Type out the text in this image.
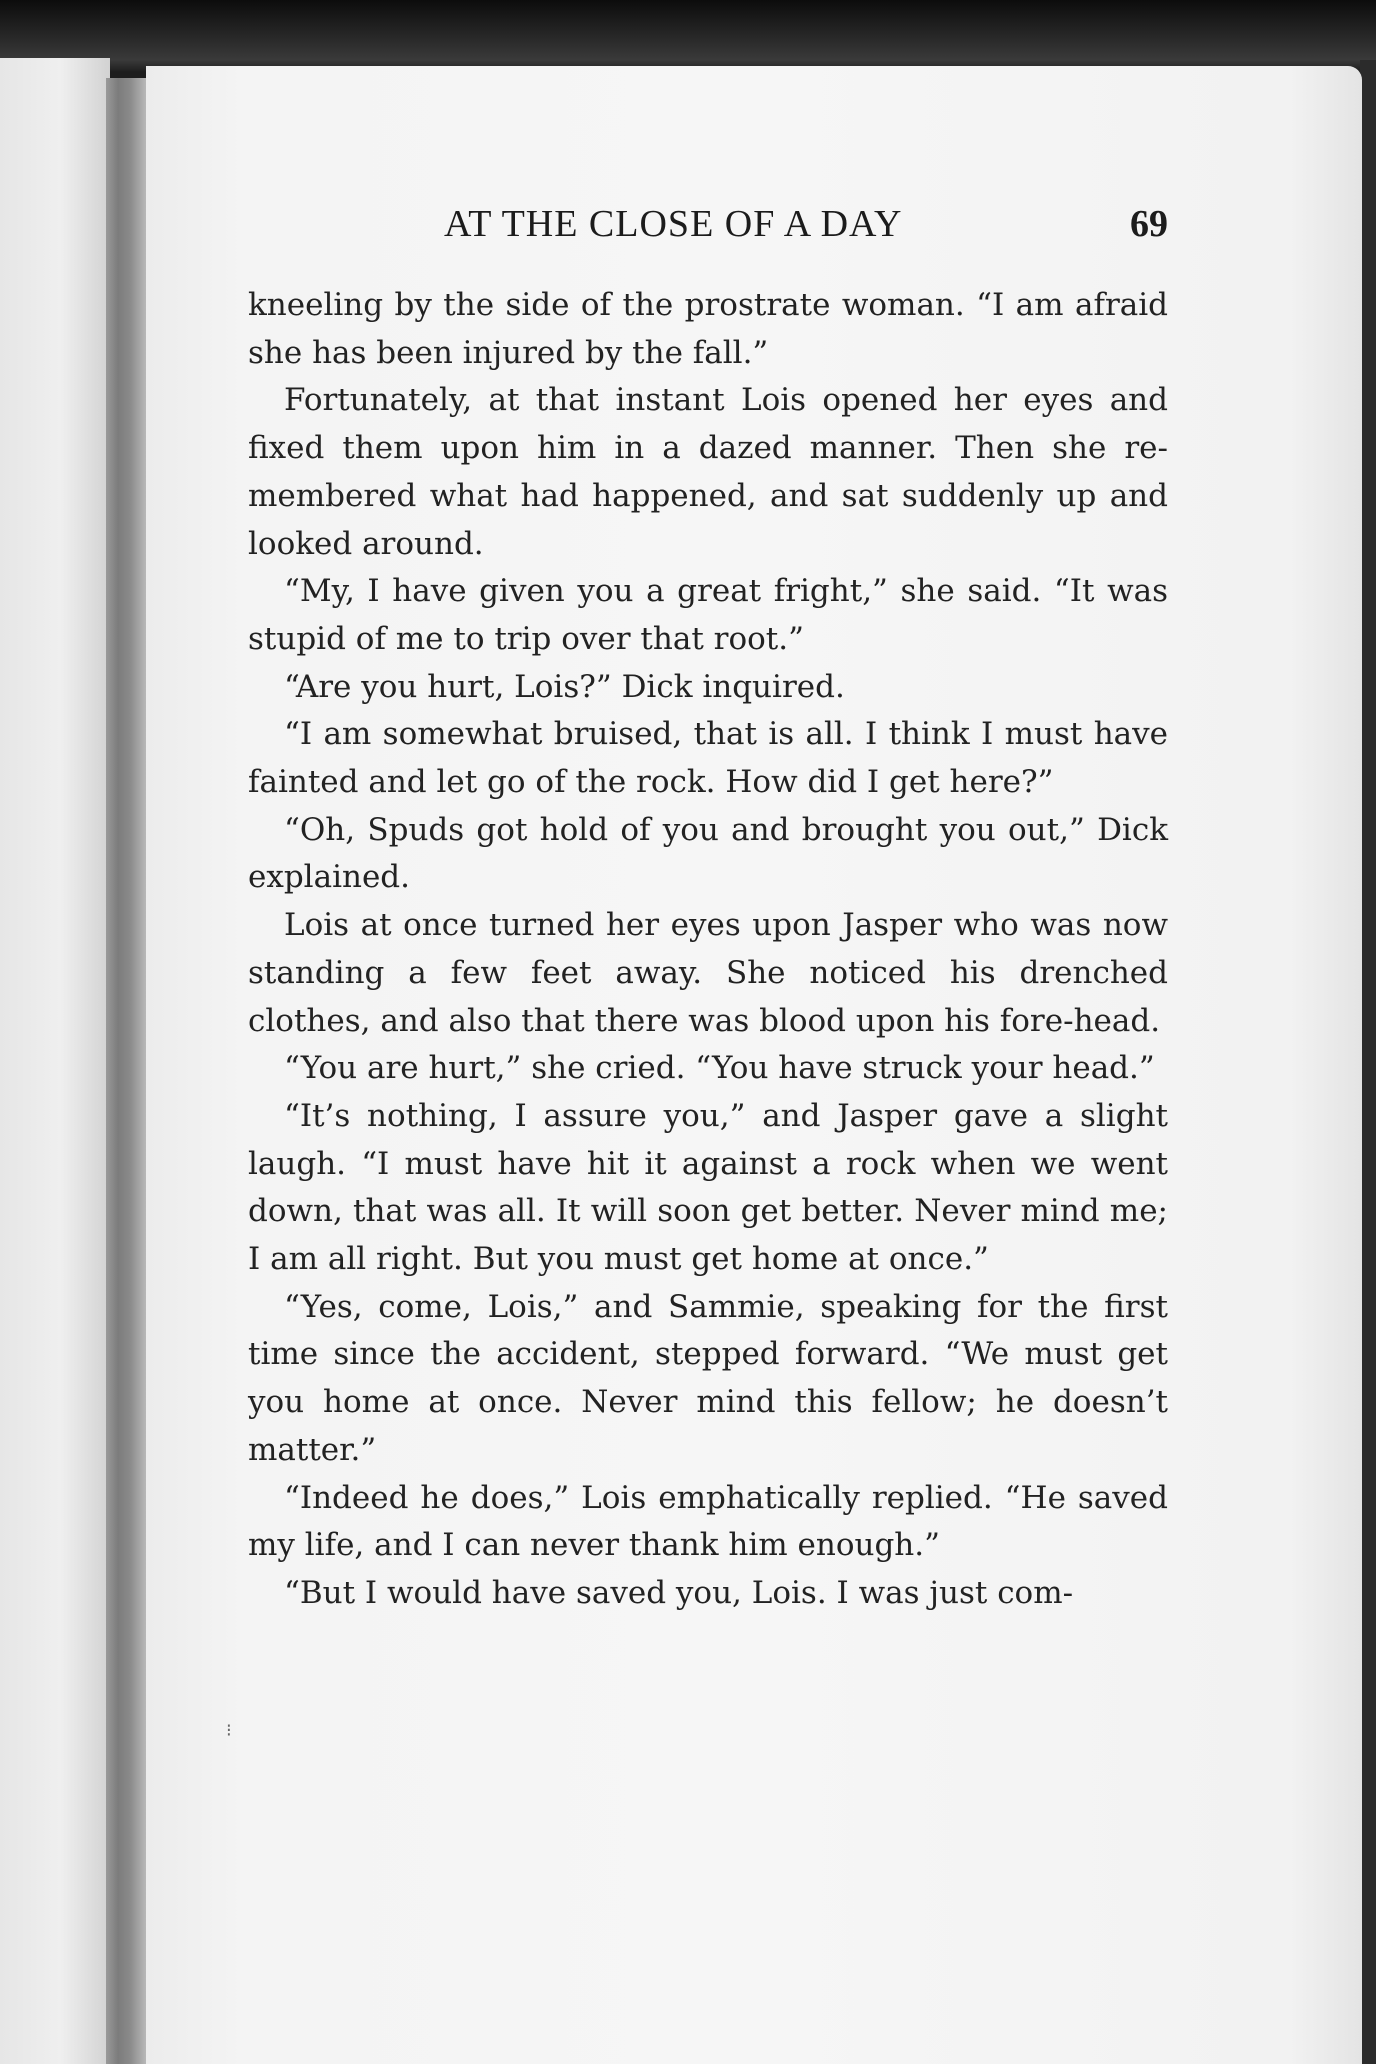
AT THE CLOSE OF A DAY	69

kneeling by the side of the prostrate woman. “I am afraid she has been injured by the fall.”

Fortunately, at that instant Lois opened her eyes and fixed them upon him in a dazed manner. Then she re-membered what had happened, and sat suddenly up and looked around.

“My, I have given you a great fright,” she said. “It was stupid of me to trip over that root.”

“Are you hurt, Lois?” Dick inquired.

“I am somewhat bruised, that is all. I think I must have fainted and let go of the rock. How did I get here?”

“Oh, Spuds got hold of you and brought you out,” Dick explained.

Lois at once turned her eyes upon Jasper who was now standing a few feet away. She noticed his drenched clothes, and also that there was blood upon his fore-head.

“You are hurt,” she cried. “You have struck your head.”

“It’s nothing, I assure you,” and Jasper gave a slight laugh. “I must have hit it against a rock when we went down, that was all. It will soon get better. Never mind me; I am all right. But you must get home at once.”

“Yes, come, Lois,” and Sammie, speaking for the first time since the accident, stepped forward. “We must get you home at once. Never mind this fellow; he doesn’t matter.”

“Indeed he does,” Lois emphatically replied. “He saved my life, and I can never thank him enough.”

“But I would have saved you, Lois. I was just com-

⁝
